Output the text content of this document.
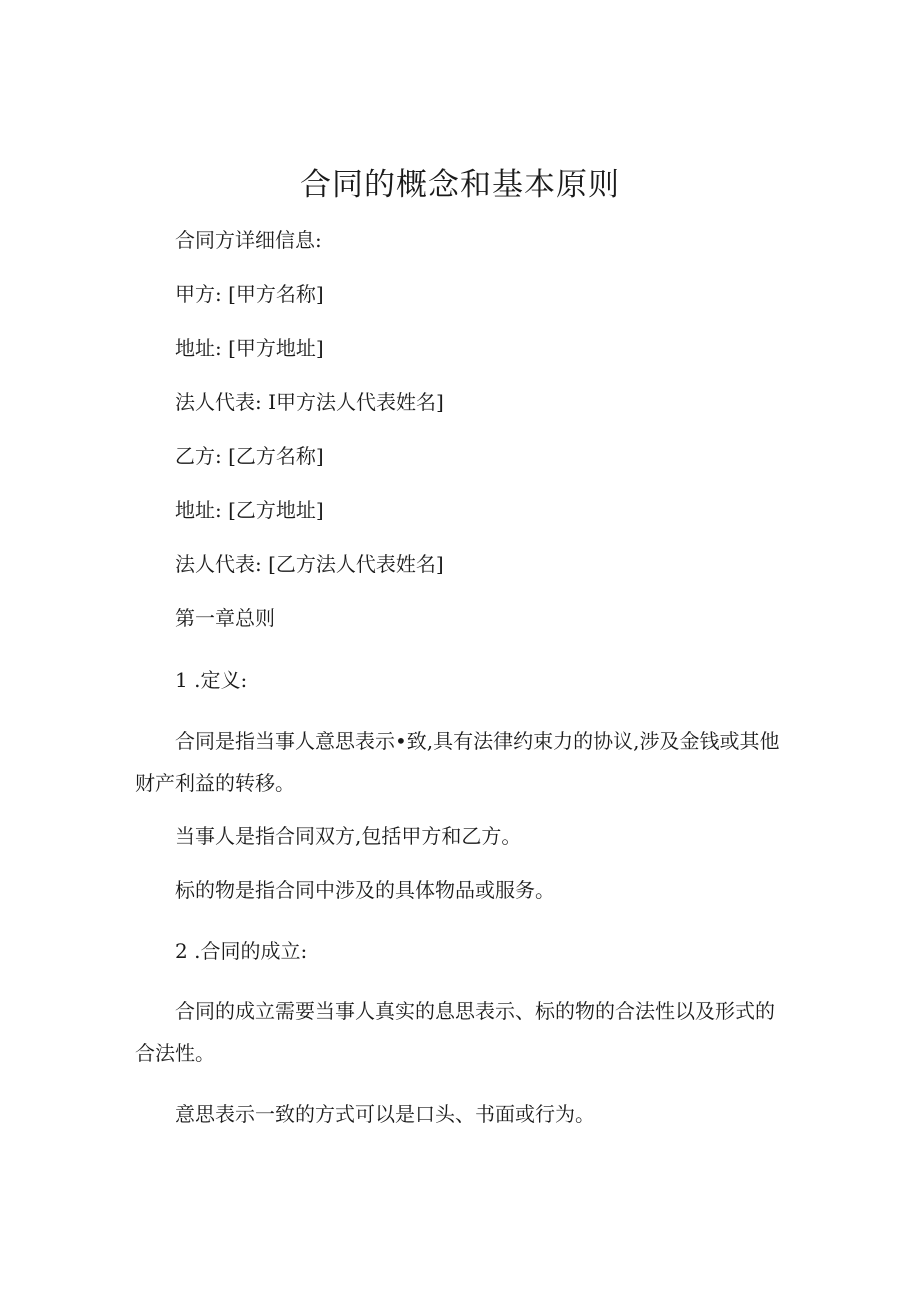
合同的概念和基本原则
合同方详细信息:
甲方: [甲方名称]
地址: [甲方地址]
法人代表: I甲方法人代表姓名]
乙方: [乙方名称]
地址: [乙方地址]
法人代表: [乙方法人代表姓名]
第一章总则
1 .定义:
合同是指当事人意思表示•致,具有法律约束力的协议,涉及金钱或其他财产利益的转移。
当事人是指合同双方,包括甲方和乙方。
标的物是指合同中涉及的具体物品或服务。
2 .合同的成立:
合同的成立需要当事人真实的息思表示、标的物的合法性以及形式的合法性。
意思表示一致的方式可以是口头、书面或行为。
